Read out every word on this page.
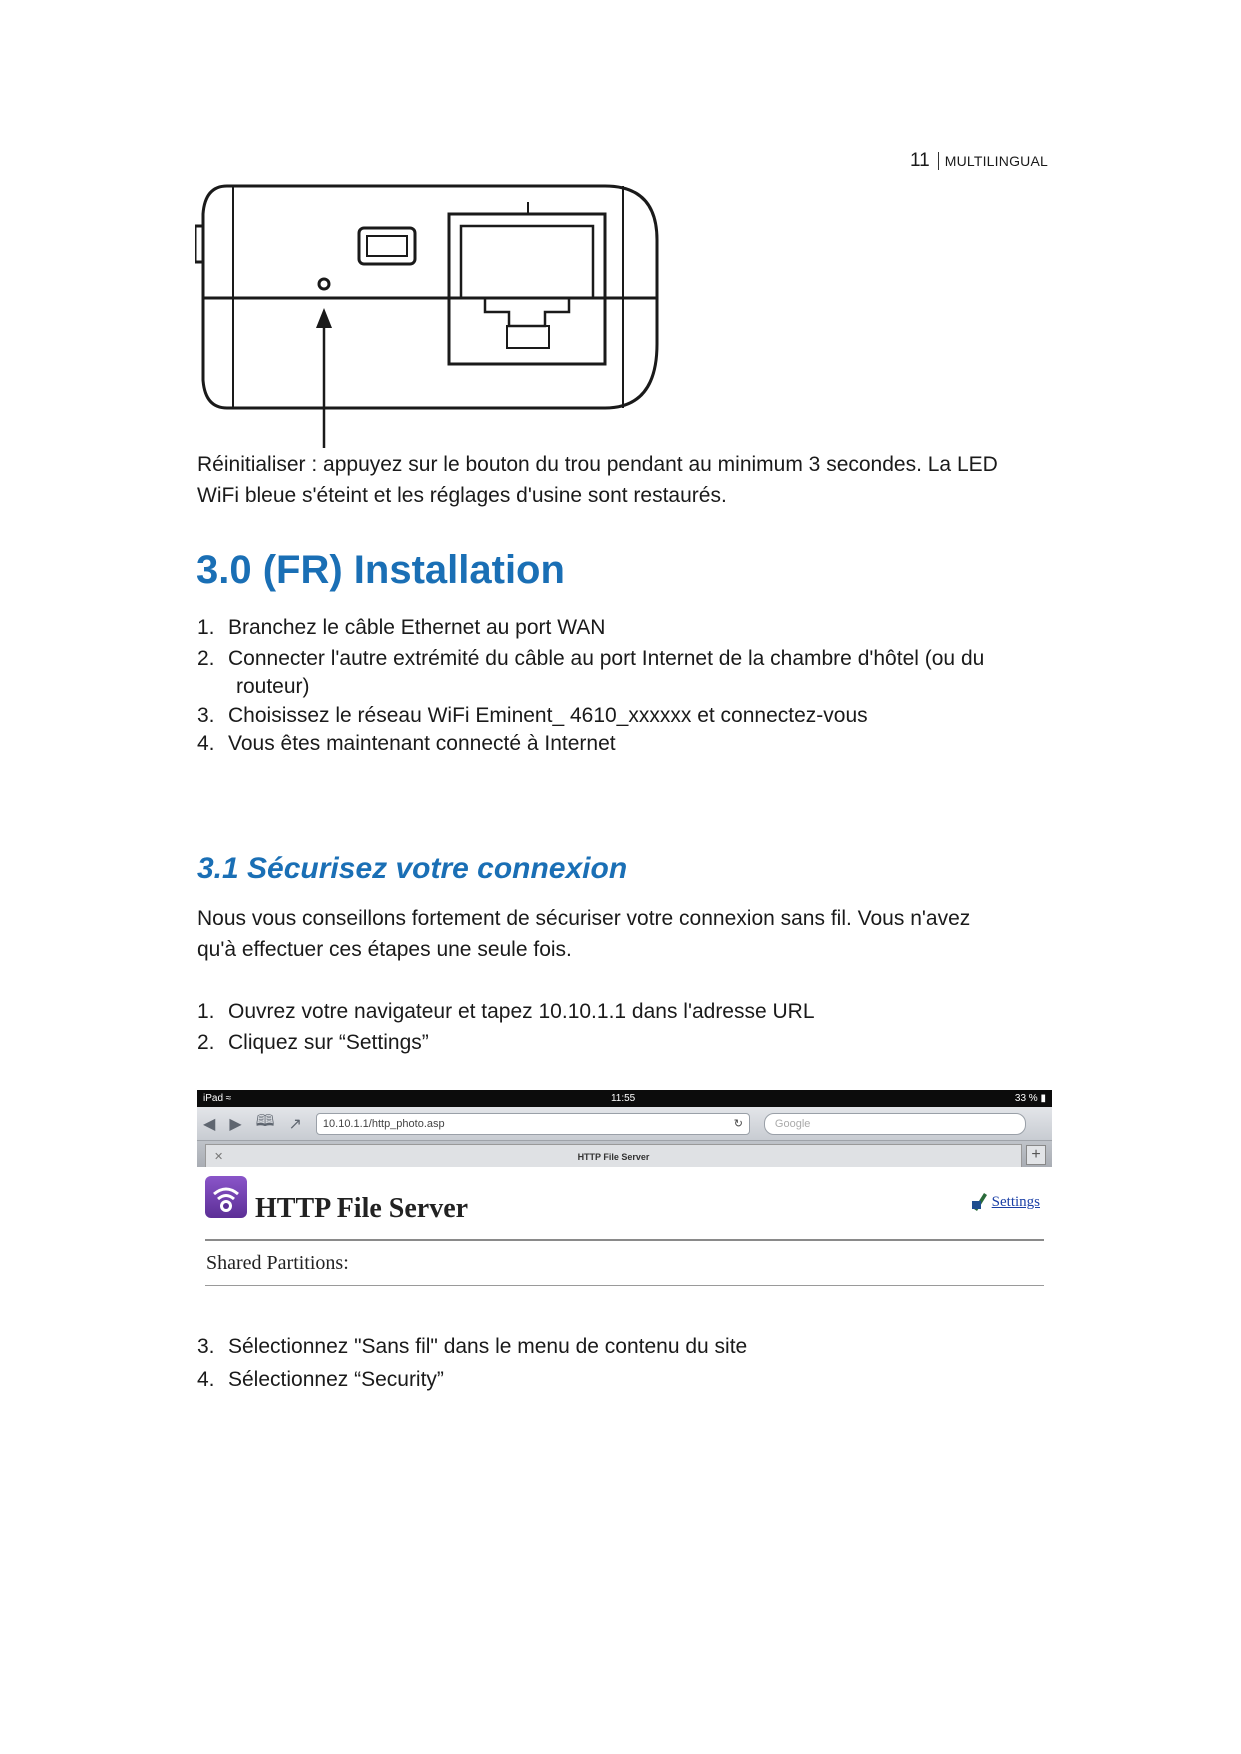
11 MULTILINGUAL
Réinitialiser : appuyez sur le bouton du trou pendant au minimum 3 secondes. La LED
WiFi bleue s'éteint et les réglages d'usine sont restaurés.
3.0 (FR) Installation
1. Branchez le câble Ethernet au port WAN
2. Connecter l'autre extrémité du câble au port Internet de la chambre d'hôtel (ou du
routeur)
3. Choisissez le réseau WiFi Eminent_ 4610_xxxxxx et connectez-vous
4. Vous êtes maintenant connecté à Internet
3.1 Sécurisez votre connexion
Nous vous conseillons fortement de sécuriser votre connexion sans fil. Vous n'avez
qu'à effectuer ces étapes une seule fois.
1. Ouvrez votre navigateur et tapez 10.10.1.1 dans l'adresse URL
2. Cliquez sur “Settings”
iPad ≈	11:55	33 % ▮
◀ ▶ 🕮 ↗ 10.10.1.1/http_photo.asp	↻	Google
✕	HTTP File Server	+
HTTP File Server	Settings
Shared Partitions:
3. Sélectionnez "Sans fil" dans le menu de contenu du site
4. Sélectionnez “Security”
